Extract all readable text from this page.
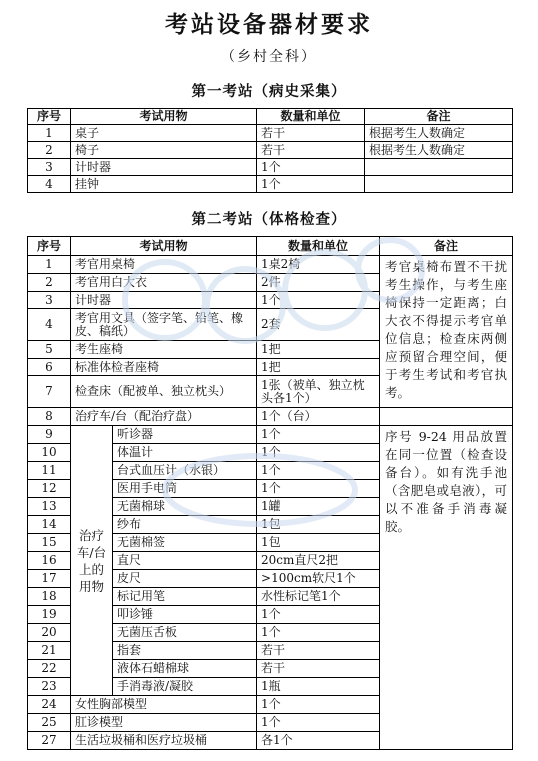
考站设备器材要求
（乡村全科）
第一考站（病史采集）
序号	考试用物	数量和单位	备注
1	桌子	若干	根据考生人数确定
2	椅子	若干	根据考生人数确定
3	计时器	1个	
4	挂钟	1个	
第二考站（体格检查）
序号	考试用物		数量和单位	备注
1	考官用桌椅		1桌2椅	考官桌椅布置不干扰考生操作，与考生座椅保持一定距离；白大衣不得提示考官单位信息；检查床两侧应预留合理空间，便于考生考试和考官执考。
2	考官用白大衣		2件	
3	计时器		1个	
4	考官用文具（签字笔、铅笔、橡皮、稿纸）		2套	
5	考生座椅		1把	
6	标准体检者座椅		1把	
7	检查床（配被单、独立枕头）		1张（被单、独立枕头各1个）	
8	治疗车/台（配治疗盘）		1个（台）	
9	治疗车/台上的用物	听诊器	1个	序号 9-24 用品放置在同一位置（检查设备台）。如有洗手池（含肥皂或皂液），可以不准备手消毒凝胶。
10		体温计	1个	
11		台式血压计（水银）	1个	
12		医用手电筒	1个	
13		无菌棉球	1罐	
14		纱布	1包	
15		无菌棉签	1包	
16		直尺	20cm直尺2把	
17		皮尺	>100cm软尺1个	
18		标记用笔	水性标记笔1个	
19		叩诊锤	1个	
20		无菌压舌板	1个	
21		指套	若干	
22		液体石蜡棉球	若干	
23		手消毒液/凝胶	1瓶	
24	女性胸部模型		1个	
25	肛诊模型		1个	
27	生活垃圾桶和医疗垃圾桶		各1个	
